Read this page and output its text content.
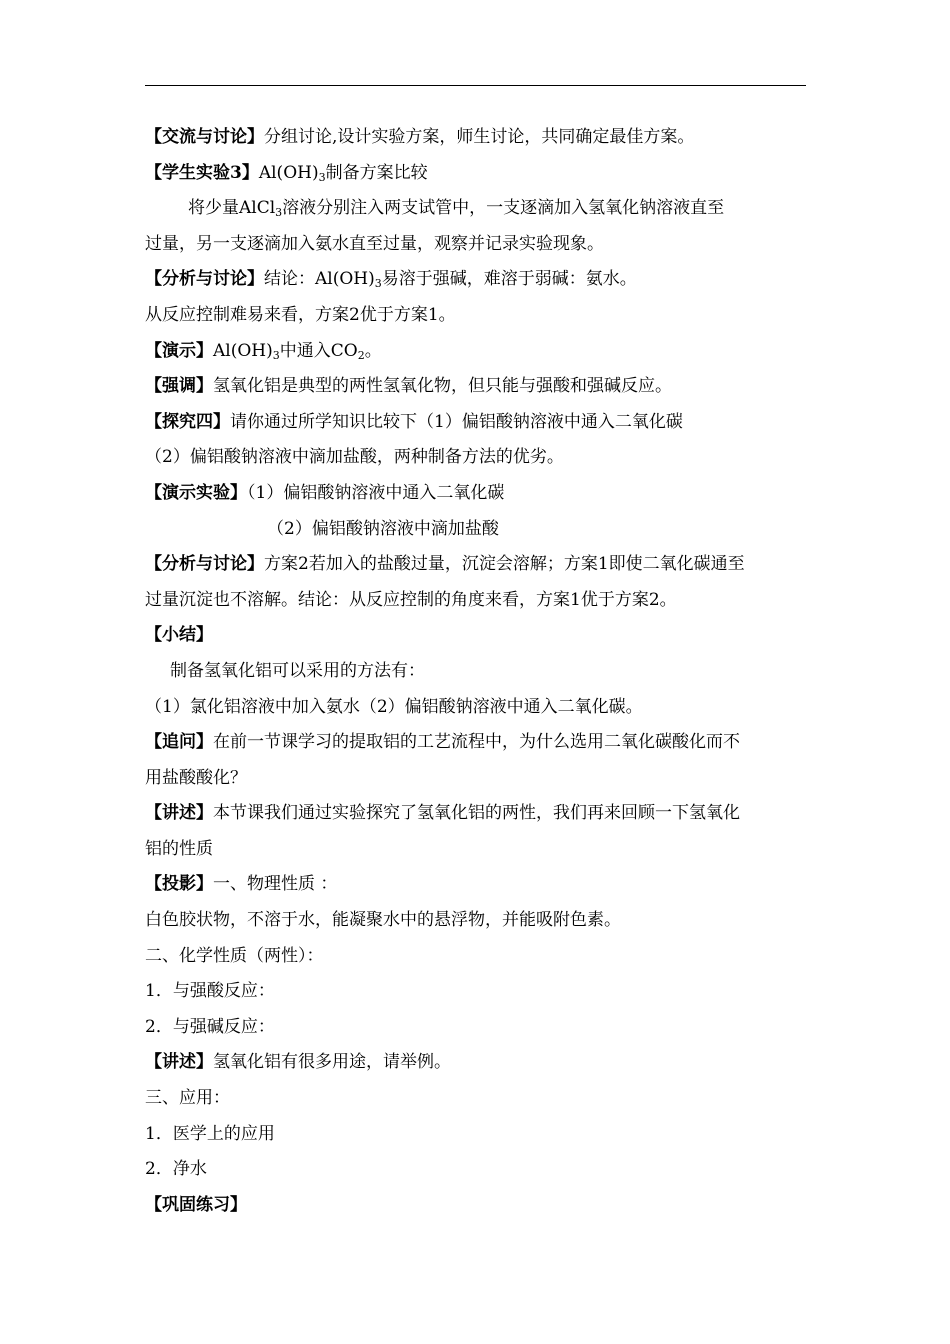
【交流与讨论】分组讨论,设计实验方案，师生讨论，共同确定最佳方案。
【学生实验3】$Al(OH)_3$制备方案比较
将少量AlCl$_3$溶液分别注入两支试管中，一支逐滴加入氢氧化钠溶液直至
过量，另一支逐滴加入氨水直至过量，观察并记录实验现象。
【分析与讨论】结论：$Al(OH)_3$易溶于强碱，难溶于弱碱：氨水。
从反应控制难易来看，方案2优于方案1。
【演示】$Al(OH)_3$中通入$CO_2$。
【强调】氢氧化铝是典型的两性氢氧化物，但只能与强酸和强碱反应。
【探究四】请你通过所学知识比较下（1）偏铝酸钠溶液中通入二氧化碳
（2）偏铝酸钠溶液中滴加盐酸，两种制备方法的优劣。
【演示实验】（1）偏铝酸钠溶液中通入二氧化碳
（2）偏铝酸钠溶液中滴加盐酸
【分析与讨论】方案2若加入的盐酸过量，沉淀会溶解；方案1即使二氧化碳通至
过量沉淀也不溶解。结论：从反应控制的角度来看，方案1优于方案2。
【小结】
制备氢氧化铝可以采用的方法有：
（1）氯化铝溶液中加入氨水（2）偏铝酸钠溶液中通入二氧化碳。
【追问】在前一节课学习的提取铝的工艺流程中，为什么选用二氧化碳酸化而不
用盐酸酸化？
【讲述】本节课我们通过实验探究了氢氧化铝的两性，我们再来回顾一下氢氧化
铝的性质
【投影】一、物理性质 ：
白色胶状物，不溶于水，能凝聚水中的悬浮物，并能吸附色素。
二、化学性质（两性）：
1．与强酸反应：
2．与强碱反应：
【讲述】氢氧化铝有很多用途，请举例。
三、应用：
1．医学上的应用
2．净水
【巩固练习】
